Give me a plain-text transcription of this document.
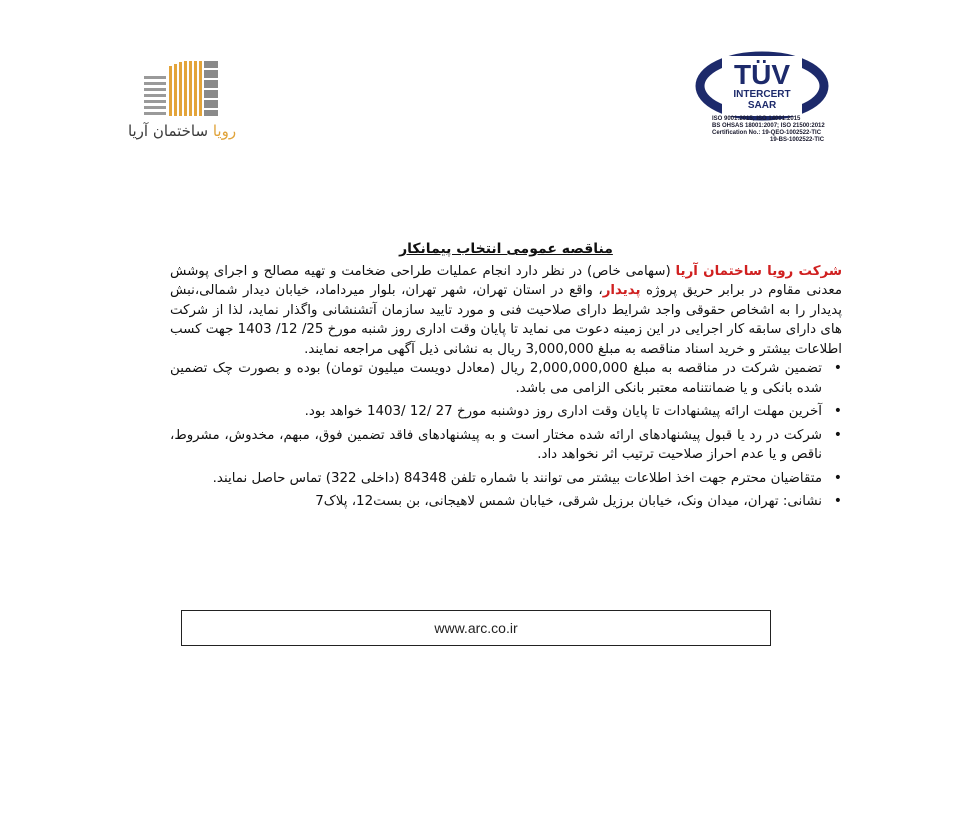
رویا ساختمان آریا
TÜV
INTERCERT
SAAR
ISO 9001:2015; ISO 14001:2015
BS OHSAS 18001:2007; ISO 21500:2012
Certification No.: 19-QEO-1002522-TIC
19-BS-1002522-TIC
مناقصه عمومی انتخاب پیمانکار

شرکت رویا ساختمان آریا (سهامی خاص) در نظر دارد انجام عملیات طراحی ضخامت و تهیه مصالح و اجرای پوشش معدنی مقاوم در برابر حریق پروژه پدیدار، واقع در استان تهران، شهر تهران، بلوار میرداماد، خیابان دیدار شمالی،نبش پدیدار را به اشخاص حقوقی واجد شرایط دارای صلاحیت فنی و مورد تایید سازمان آتشنشانی واگذار نماید، لذا از شرکت های دارای سابقه کار اجرایی در این زمینه دعوت می نماید تا پایان وقت اداری روز شنبه مورخ 25/ 12/ 1403 جهت کسب اطلاعات بیشتر و خرید اسناد مناقصه به مبلغ 3,000,000 ریال به نشانی ذیل آگهی مراجعه نمایند.

• تضمین شرکت در مناقصه به مبلغ 2,000,000,000 ریال (معادل دویست میلیون تومان) بوده و بصورت چک تضمین شده بانکی و یا ضمانتنامه معتبر بانکی الزامی می باشد.
• آخرین مهلت ارائه پیشنهادات تا پایان وقت اداری روز دوشنبه مورخ 27 /12 /1403 خواهد بود.
• شرکت در رد یا قبول پیشنهادهای ارائه شده مختار است و به پیشنهادهای فاقد تضمین فوق، مبهم، مخدوش، مشروط، ناقص و یا عدم احراز صلاحیت ترتیب اثر نخواهد داد.
• متقاضیان محترم جهت اخذ اطلاعات بیشتر می توانند با شماره تلفن 84348 (داخلی 322) تماس حاصل نمایند.
• نشانی: تهران، میدان ونک، خیابان برزیل شرقی، خیابان شمس لاهیجانی، بن بست12، پلاک7
www.arc.co.ir
